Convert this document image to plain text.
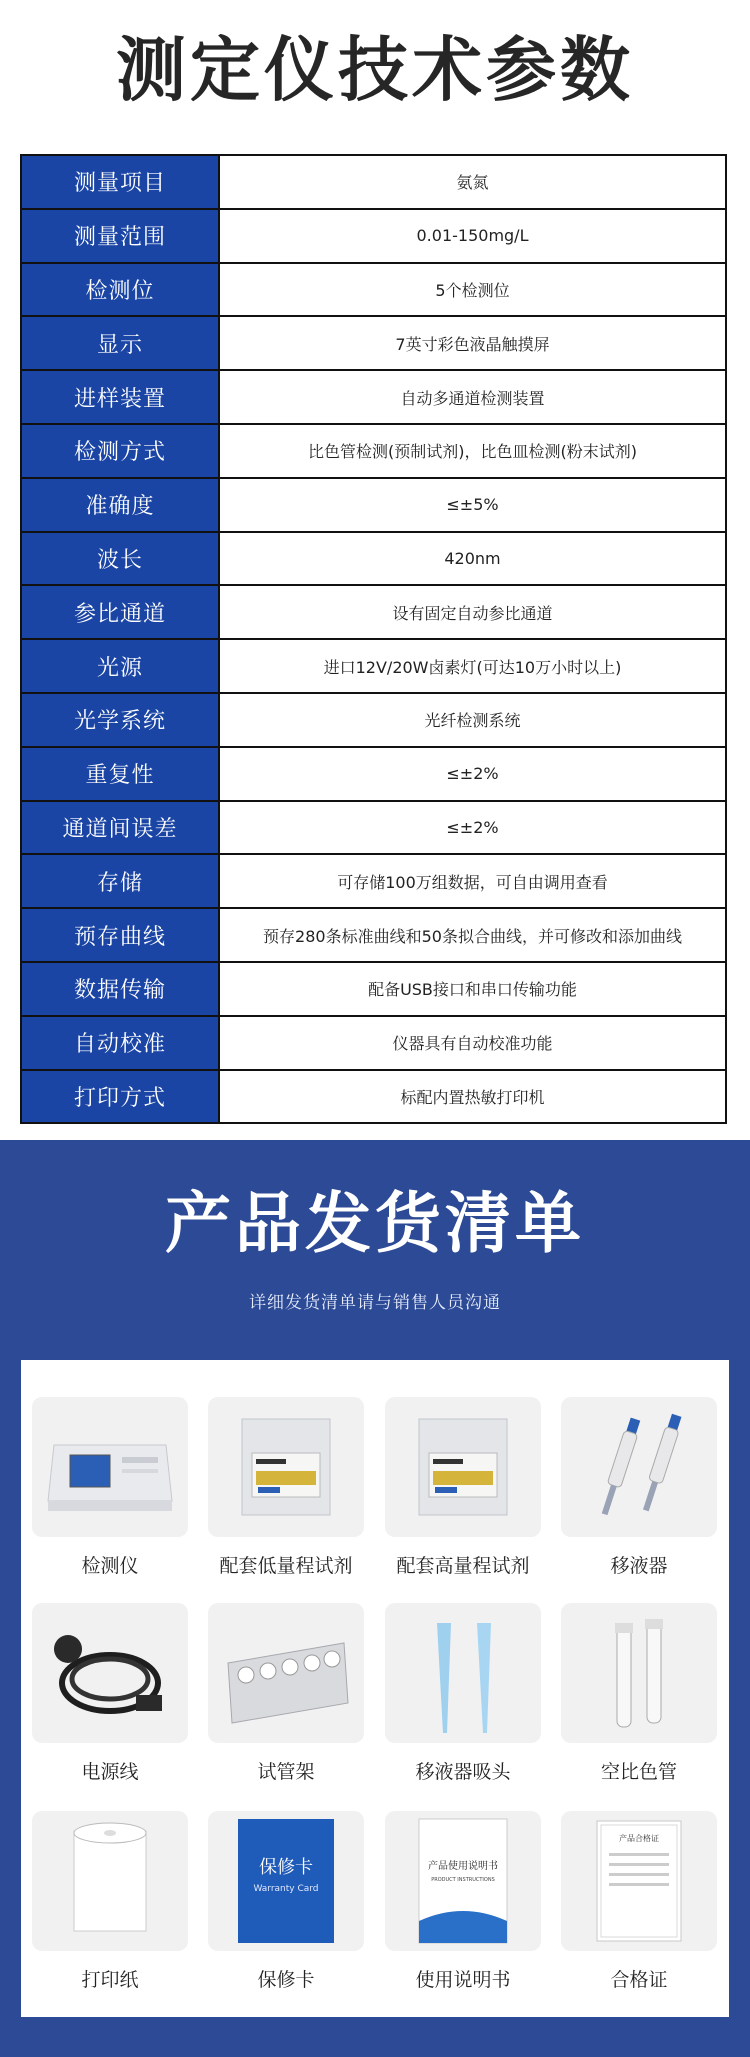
测定仪技术参数
测量项目	氨氮
测量范围	0.01-150mg/L
检测位	5个检测位
显示	7英寸彩色液晶触摸屏
进样装置	自动多通道检测装置
检测方式	比色管检测(预制试剂)，比色皿检测(粉末试剂)
准确度	≤±5%
波长	420nm
参比通道	设有固定自动参比通道
光源	进口12V/20W卤素灯(可达10万小时以上)
光学系统	光纤检测系统
重复性	≤±2%
通道间误差	≤±2%
存储	可存储100万组数据，可自由调用查看
预存曲线	预存280条标准曲线和50条拟合曲线，并可修改和添加曲线
数据传输	配备USB接口和串口传输功能
自动校准	仪器具有自动校准功能
打印方式	标配内置热敏打印机
产品发货清单
详细发货清单请与销售人员沟通
检测仪	配套低量程试剂	配套高量程试剂	移液器
电源线	试管架	移液器吸头	空比色管
打印纸
保修卡
Warranty Card
保修卡
产品使用说明书
PRODUCT INSTRUCTIONS
使用说明书
产品合格证
合格证
